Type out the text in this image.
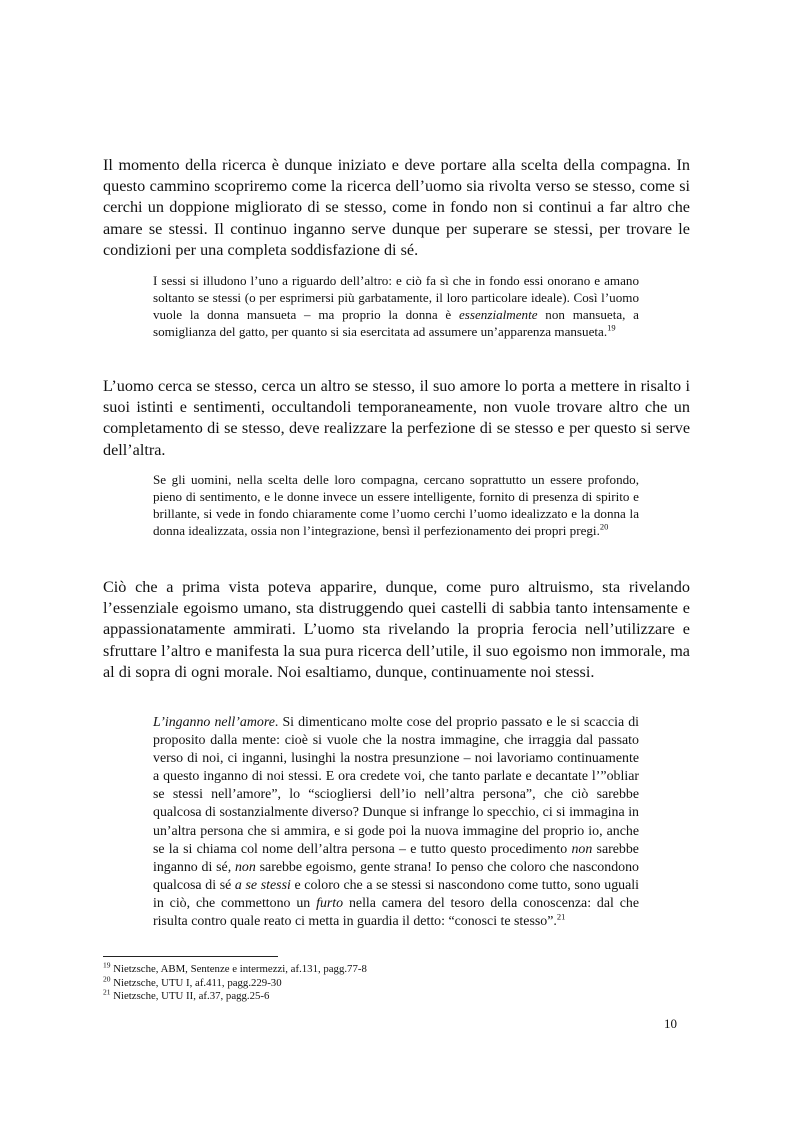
Il momento della ricerca è dunque iniziato e deve portare alla scelta della compagna. In questo cammino scopriremo come la ricerca dell’uomo sia rivolta verso se stesso, come si cerchi un doppione migliorato di se stesso, come in fondo non si continui a far altro che amare se stessi. Il continuo inganno serve dunque per superare se stessi, per trovare le condizioni per una completa soddisfazione di sé.

I sessi si illudono l’uno a riguardo dell’altro: e ciò fa sì che in fondo essi onorano e amano soltanto se stessi (o per esprimersi più garbatamente, il loro particolare ideale). Così l’uomo vuole la donna mansueta – ma proprio la donna è essenzialmente non mansueta, a somiglianza del gatto, per quanto si sia esercitata ad assumere un’apparenza mansueta.$^{19}$

L’uomo cerca se stesso, cerca un altro se stesso, il suo amore lo porta a mettere in risalto i suoi istinti e sentimenti, occultandoli temporaneamente, non vuole trovare altro che un completamento di se stesso, deve realizzare la perfezione di se stesso e per questo si serve dell’altra.

Se gli uomini, nella scelta delle loro compagna, cercano soprattutto un essere profondo, pieno di sentimento, e le donne invece un essere intelligente, fornito di presenza di spirito e brillante, si vede in fondo chiaramente come l’uomo cerchi l’uomo idealizzato e la donna la donna idealizzata, ossia non l’integrazione, bensì il perfezionamento dei propri pregi.$^{20}$

Ciò che a prima vista poteva apparire, dunque, come puro altruismo, sta rivelando l’essenziale egoismo umano, sta distruggendo quei castelli di sabbia tanto intensamente e appassionatamente ammirati. L’uomo sta rivelando la propria ferocia nell’utilizzare e sfruttare l’altro e manifesta la sua pura ricerca dell’utile, il suo egoismo non immorale, ma al di sopra di ogni morale. Noi esaltiamo, dunque, continuamente noi stessi.

L’inganno nell’amore. Si dimenticano molte cose del proprio passato e le si scaccia di proposito dalla mente: cioè si vuole che la nostra immagine, che irraggia dal passato verso di noi, ci inganni, lusinghi la nostra presunzione – noi lavoriamo continuamente a questo inganno di noi stessi. E ora credete voi, che tanto parlate e decantate l’”obliar se stessi nell’amore”, lo “sciogliersi dell’io nell’altra persona”, che ciò sarebbe qualcosa di sostanzialmente diverso? Dunque si infrange lo specchio, ci si immagina in un’altra persona che si ammira, e si gode poi la nuova immagine del proprio io, anche se la si chiama col nome dell’altra persona – e tutto questo procedimento non sarebbe inganno di sé, non sarebbe egoismo, gente strana! Io penso che coloro che nascondono qualcosa di sé a se stessi e coloro che a se stessi si nascondono come tutto, sono uguali in ciò, che commettono un furto nella camera del tesoro della conoscenza: dal che risulta contro quale reato ci metta in guardia il detto: “conosci te stesso”.$^{21}$

$^{19}$ Nietzsche, ABM, Sentenze e intermezzi, af.131, pagg.77-8
$^{20}$ Nietzsche, UTU I, af.411, pagg.229-30
$^{21}$ Nietzsche, UTU II, af.37, pagg.25-6
10
